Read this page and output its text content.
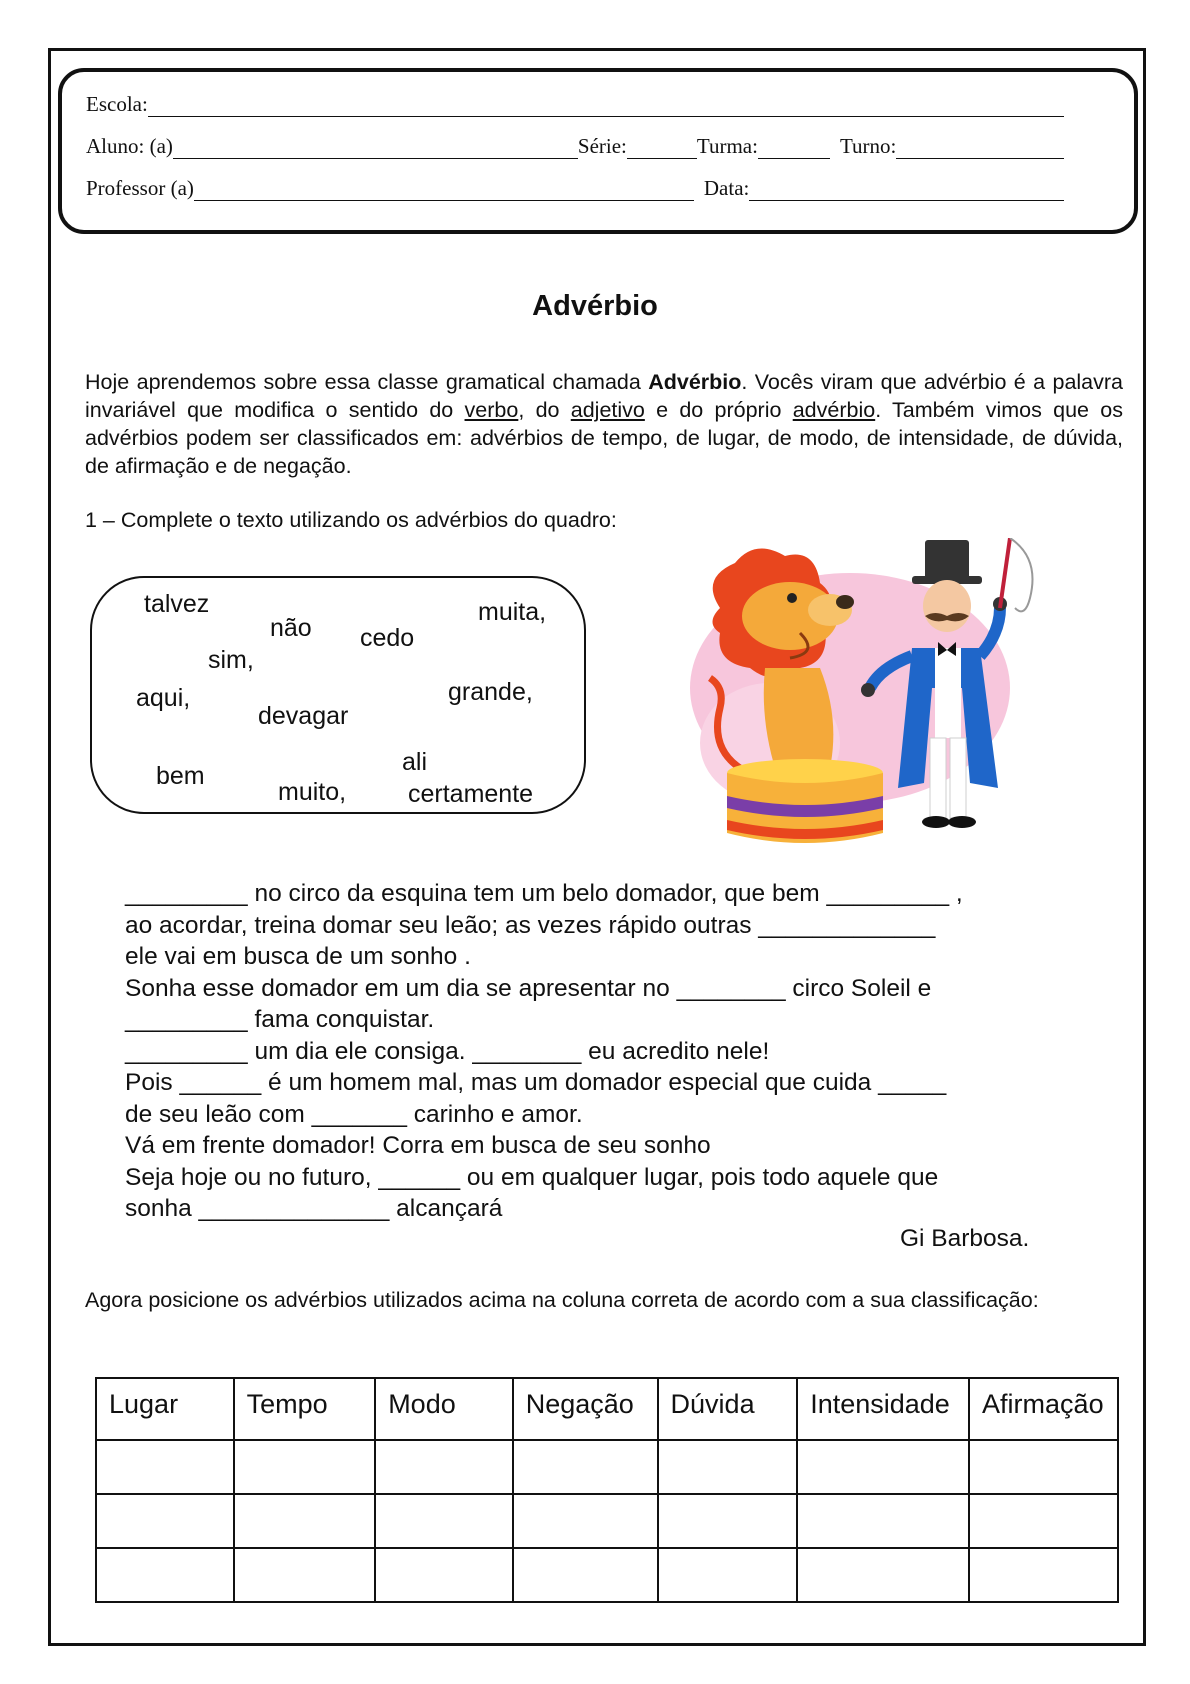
Escola:
Aluno: (a)	Série:	Turma:	Turno:
Professor (a)	Data:
Advérbio
Hoje aprendemos sobre essa classe gramatical chamada Advérbio. Vocês viram que advérbio é a palavra invariável que modifica o sentido do verbo, do adjetivo e do próprio advérbio. Também vimos que os advérbios podem ser classificados em: advérbios de tempo, de lugar, de modo, de intensidade, de dúvida, de afirmação e de negação.
1 – Complete o texto utilizando os advérbios do quadro:
talvez
não cedo
muita,
sim,
aqui,
devagar
grande,
bem	ali
muito, certamente

_________ no circo da esquina tem um belo domador, que bem _________ ,

ao acordar, treina domar seu leão; as vezes rápido outras _____________

ele vai em busca de um sonho .

Sonha esse domador em um dia se apresentar no ________ circo Soleil e

_________ fama conquistar.

_________ um dia ele consiga. ________ eu acredito nele!

Pois ______ é um homem mal, mas um domador especial que cuida _____

de seu leão com _______ carinho e amor.

Vá em frente domador! Corra em busca de seu sonho

Seja hoje ou no futuro, ______ ou em qualquer lugar, pois todo aquele que

sonha ______________ alcançará

Gi Barbosa.
Agora posicione os advérbios utilizados acima na coluna correta de acordo com a sua classificação:
Lugar	Tempo	Modo	Negação	Dúvida	Intensidade	Afirmação
